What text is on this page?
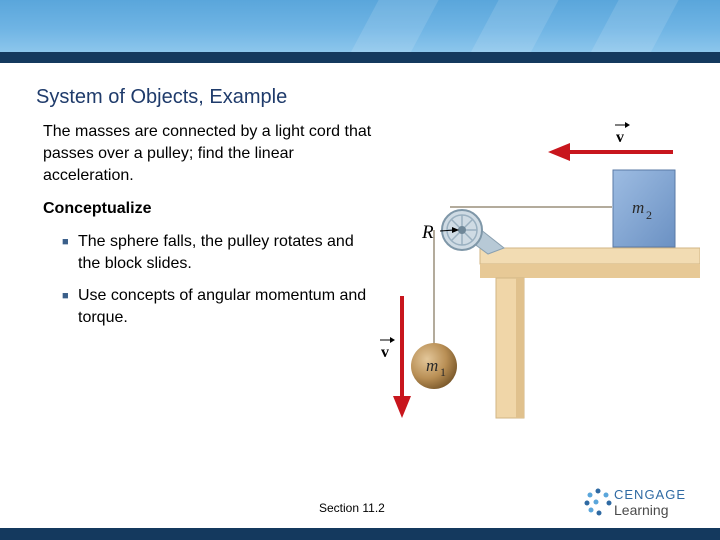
System of Objects, Example
The masses are connected by a light cord that passes over a pulley; find the linear acceleration.
Conceptualize
■ The sphere falls, the pulley rotates and the block slides.
■ Use concepts of angular momentum and torque.
v
m 2
R
m 1
v
Section 11.2
CENGAGE
Learning
